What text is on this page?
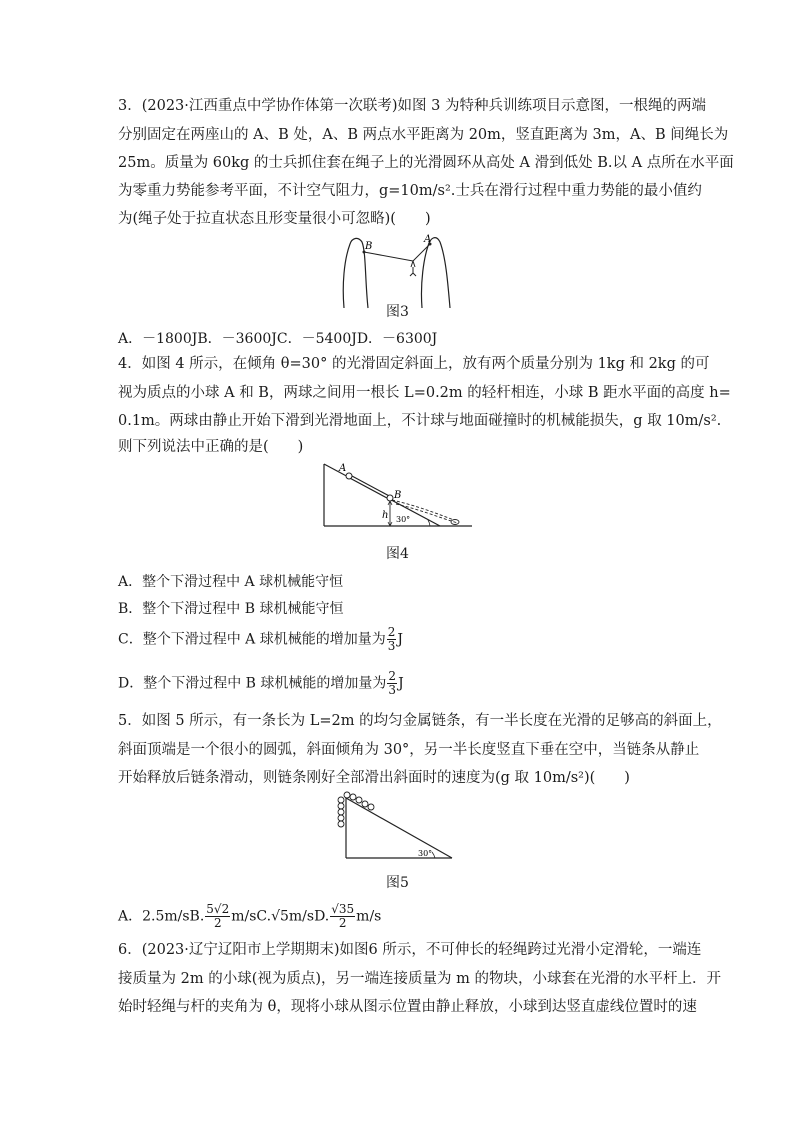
3．(2023·江西重点中学协作体第一次联考)如图 3 为特种兵训练项目示意图，一根绳的两端
分别固定在两座山的 A、B 处，A、B 两点水平距离为 20m，竖直距离为 3m，A、B 间绳长为
25m。质量为 60kg 的士兵抓住套在绳子上的光滑圆环从高处 A 滑到低处 B.以 A 点所在水平面
为零重力势能参考平面，不计空气阻力，g=10m/s².士兵在滑行过程中重力势能的最小值约
为(绳子处于拉直状态且形变量很小可忽略)(　　)
B
A
图3
A．－1800JB．－3600JC．－5400JD．－6300J
4．如图 4 所示，在倾角 θ=30° 的光滑固定斜面上，放有两个质量分别为 1kg 和 2kg 的可
视为质点的小球 A 和 B，两球之间用一根长 L=0.2m 的轻杆相连，小球 B 距水平面的高度 h=
0.1m。两球由静止开始下滑到光滑地面上，不计球与地面碰撞时的机械能损失，g 取 10m/s².
则下列说法中正确的是(　　)
A
B
h 30°
图4
A．整个下滑过程中 A 球机械能守恒
B．整个下滑过程中 B 球机械能守恒
C．整个下滑过程中 A 球机械能的增加量为 $\frac{2}{3}$ J
D．整个下滑过程中 B 球机械能的增加量为 $\frac{2}{3}$ J
5．如图 5 所示，有一条长为 L=2m 的均匀金属链条，有一半长度在光滑的足够高的斜面上，
斜面顶端是一个很小的圆弧，斜面倾角为 30°，另一半长度竖直下垂在空中，当链条从静止
开始释放后链条滑动，则链条刚好全部滑出斜面时的速度为(g 取 10m/s²)(　　)
30°
图5
A．2.5m/sB. $\frac{5√2}{2} m/sC.√5m/sD$. $\frac{√35}{2} m/s$
6．(2023·辽宁辽阳市上学期期末)如图6 所示，不可伸长的轻绳跨过光滑小定滑轮，一端连
接质量为 2m 的小球(视为质点)，另一端连接质量为 m 的物块，小球套在光滑的水平杆上．开
始时轻绳与杆的夹角为 θ，现将小球从图示位置由静止释放，小球到达竖直虚线位置时的速
